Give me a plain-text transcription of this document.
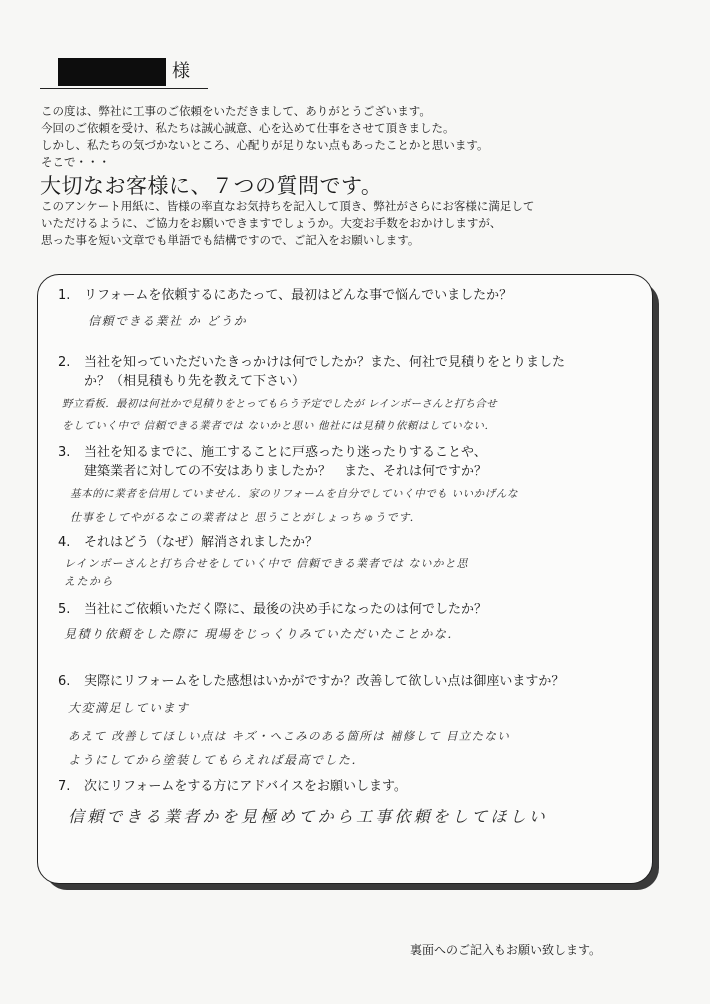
様
この度は、弊社に工事のご依頼をいただきまして、ありがとうございます。
今回のご依頼を受け、私たちは誠心誠意、心を込めて仕事をさせて頂きました。
しかし、私たちの気づかないところ、心配りが足りない点もあったことかと思います。
そこで・・・
大切なお客様に、７つの質問です。
このアンケート用紙に、皆様の率直なお気持ちを記入して頂き、弊社がさらにお客様に満足して
いただけるように、ご協力をお願いできますでしょうか。大変お手数をおかけしますが、
思った事を短い文章でも単語でも結構ですので、ご記入をお願いします。
1. リフォームを依頼するにあたって、最初はどんな事で悩んでいましたか？
信頼できる業社 か どうか
2. 当社を知っていただいたきっかけは何でしたか？また、何社で見積りをとりました
か？（相見積もり先を教えて下さい）
野立看板．最初は何社かで見積りをとってもらう予定でしたが レインボーさんと打ち合せ
をしていく中で 信頼できる業者では ないかと思い 他社には見積り依頼はしていない．
3. 当社を知るまでに、施工することに戸惑ったり迷ったりすることや、
建築業者に対しての不安はありましたか？　また、それは何ですか？
基本的に業者を信用していません．家のリフォームを自分でしていく中でも いいかげんな
仕事をしてやがるなこの業者はと 思うことがしょっちゅうです．
4. それはどう（なぜ）解消されましたか？
レインボーさんと打ち合せをしていく中で 信頼できる業者では ないかと思
えたから
5. 当社にご依頼いただく際に、最後の決め手になったのは何でしたか？
見積り依頼をした際に 現場をじっくりみていただいたことかな．
6. 実際にリフォームをした感想はいかがですか？改善して欲しい点は御座いますか？
大変満足しています
あえて 改善してほしい点は キズ・へこみのある箇所は 補修して 目立たない
ようにしてから塗装してもらえれば最高でした．
7. 次にリフォームをする方にアドバイスをお願いします。
信頼できる業者かを見極めてから工事依頼をしてほしい
裏面へのご記入もお願い致します。
